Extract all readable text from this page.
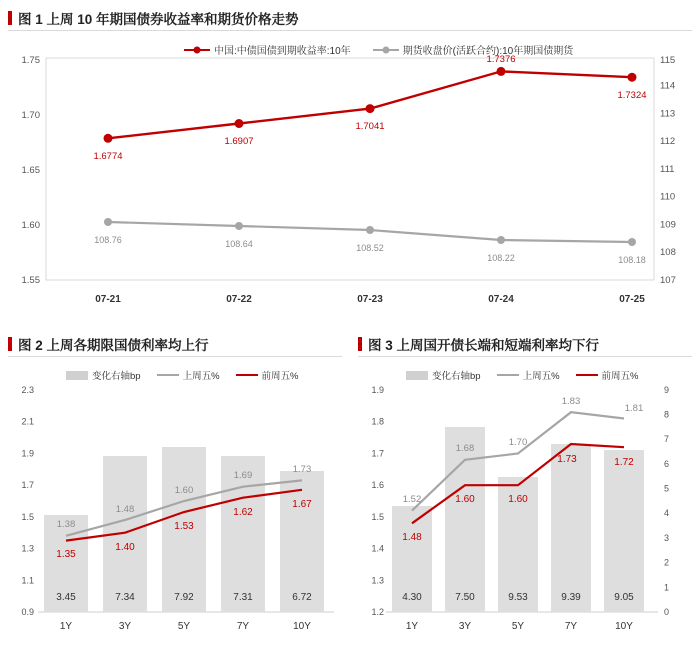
图 1 上周 10 年期国债券收益率和期货价格走势
1.55
1.60
1.65
1.70
1.75
107
108
109
110
111
112
113
114
115
108.76	108.64	108.52
108.22	108.18
1.6774
1.6907
1.7041
1.7376
1.7324
07-21	07-22	07-23	07-24	07-25
中国:中债国债到期收益率:10年	期货收盘价(活跃合约):10年期国债期货
图 2 上周各期限国债利率均上行
0.9
1.1
1.3
1.5
1.7
1.9
2.1
2.3
3.45	7.34	7.92	7.31	6.72
1.38
1.48
1.60
1.69
1.73
1.35
1.40
1.53
1.62
1.67
1Y	3Y	5Y	7Y	10Y
变化右轴bp	上周五%	前周五%
图 3 上周国开债长端和短端利率均下行
1.2
1.3
1.4
1.5
1.6
1.7
1.8
1.9
0
1
2
3
4
5
6
7
8
9
4.30	7.50	9.53	9.39	9.05
1.52
1.68
1.70
1.83
1.81
1.48
1.60	1.60
1.73	1.72
1Y	3Y	5Y	7Y	10Y
变化右轴bp	上周五%	前周五%
